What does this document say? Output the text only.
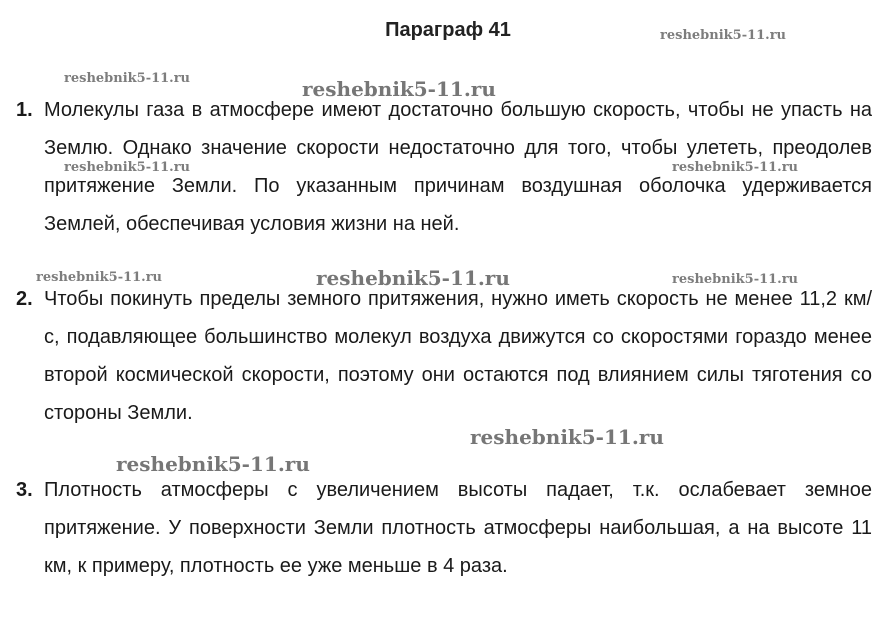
Параграф 41	reshebnik5-11.ru
reshebnik5-11.ru	reshebnik5-11.ru
reshebnik5-11.ru	reshebnik5-11.ru
reshebnik5-11.ru	reshebnik5-11.ru	reshebnik5-11.ru
reshebnik5-11.ru
reshebnik5-11.ru
1. Молекулы газа в атмосфере имеют достаточно большую скорость, чтобы не упасть на Землю. Однако значение скорости недостаточно для того, чтобы улететь, преодолев притяжение Земли. По указанным причинам воздушная оболочка удерживается Землей, обеспечивая условия жизни на ней.
2. Чтобы покинуть пределы земного притяжения, нужно иметь скорость не менее 11,2 км/с, подавляющее большинство молекул воздуха движутся со скоростями гораздо менее второй космической скорости, поэтому они остаются под влиянием силы тяготения со стороны Земли.
3. Плотность атмосферы с увеличением высоты падает, т.к. ослабевает земное притяжение. У поверхности Земли плотность атмосферы наибольшая, а на высоте 11 км, к примеру, плотность ее уже меньше в 4 раза.
